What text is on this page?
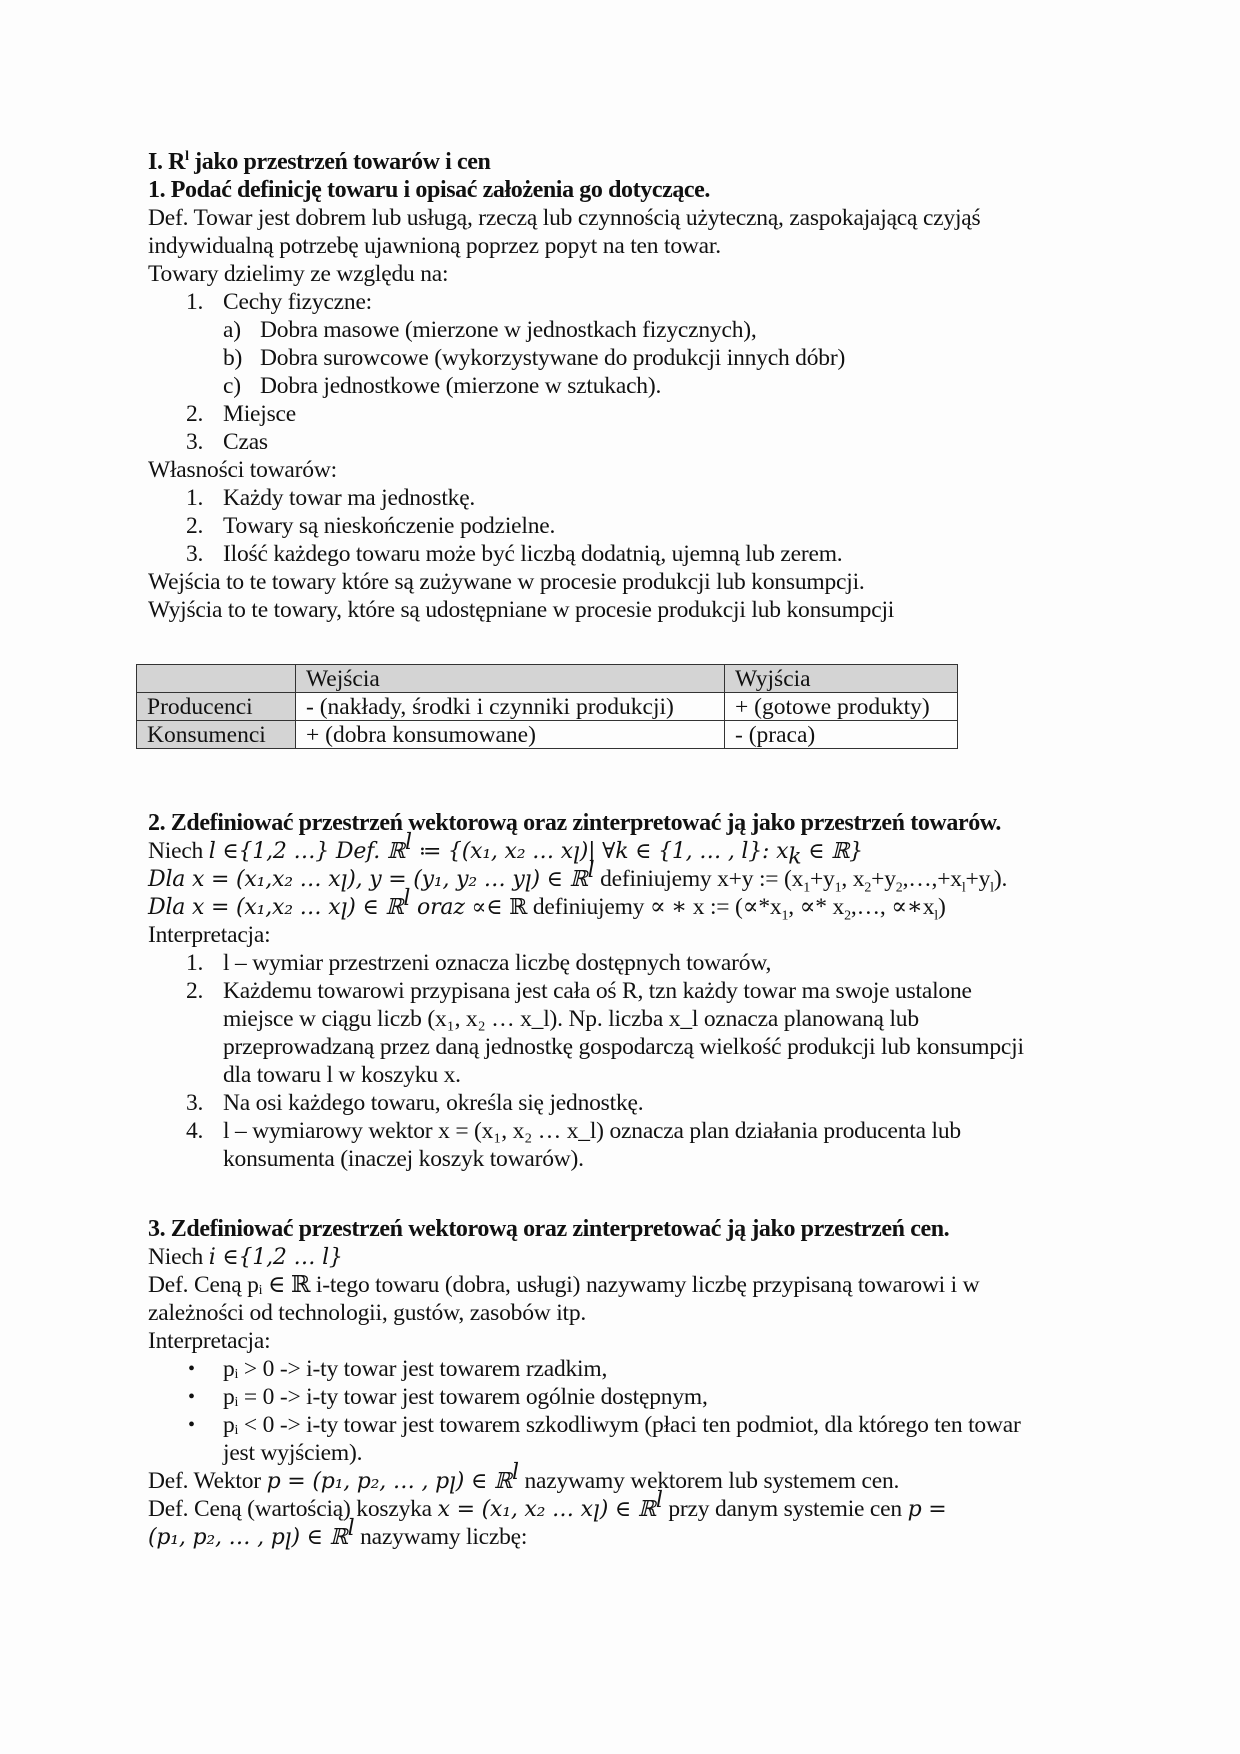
I. $R^l$ jako przestrzeń towarów i cen
1. Podać definicję towaru i opisać założenia go dotyczące.
Def. Towar jest dobrem lub usługą, rzeczą lub czynnością użyteczną, zaspokajającą czyjąś
indywidualną potrzebę ujawnioną poprzez popyt na ten towar.
Towary dzielimy ze względu na:
1. Cechy fizyczne:
a) Dobra masowe (mierzone w jednostkach fizycznych),
b) Dobra surowcowe (wykorzystywane do produkcji innych dóbr)
c) Dobra jednostkowe (mierzone w sztukach).
2. Miejsce
3. Czas
Własności towarów:
1. Każdy towar ma jednostkę.
2. Towary są nieskończenie podzielne.
3. Ilość każdego towaru może być liczbą dodatnią, ujemną lub zerem.
Wejścia to te towary które są zużywane w procesie produkcji lub konsumpcji.
Wyjścia to te towary, które są udostępniane w procesie produkcji lub konsumpcji
	Wejścia	Wyjścia
Producenci	- (nakłady, środki i czynniki produkcji)	+ (gotowe produkty)
Konsumenci	+ (dobra konsumowane)	- (praca)
2. Zdefiniować przestrzeń wektorową oraz zinterpretować ją jako przestrzeń towarów.
Niech l ∈{1,2 …} Def. ℝ$^l$ ≔ {(x₁, x₂ … $x_l)|$ ∀k ∈ {1, … , l}: $x_k$ ∈ ℝ}
Dla x = (x₁,x₂ … $x_l$), y = (y₁, y₂ … $y_l$) ∈ ℝ$^l$ definiujemy x+y := ($x_1+y_1$, $x_2+y_2,\dots,+x_l+y_l$).
Dla x = (x₁,x₂ … $x_l$) ∈ ℝ$^l$ oraz ∝∈ ℝ definiujemy ∝ ∗ x := ($\propto*x_1$, ∝* $x_2,\dots$, $\propto∗x_l$)
Interpretacja:
1. l – wymiar przestrzeni oznacza liczbę dostępnych towarów,
2. Każdemu towarowi przypisana jest cała oś R, tzn każdy towar ma swoje ustalone
miejsce w ciągu liczb (x₁, x₂ … x_l). Np. liczba x_l oznacza planowaną lub
przeprowadzaną przez daną jednostkę gospodarczą wielkość produkcji lub konsumpcji
dla towaru l w koszyku x.
3. Na osi każdego towaru, określa się jednostkę.
4. l – wymiarowy wektor x = (x₁, x₂ … x_l) oznacza plan działania producenta lub
konsumenta (inaczej koszyk towarów).
3. Zdefiniować przestrzeń wektorową oraz zinterpretować ją jako przestrzeń cen.
Niech i ∈{1,2 … l}
Def. Ceną pᵢ ∈ ℝ i-tego towaru (dobra, usługi) nazywamy liczbę przypisaną towarowi i w
zależności od technologii, gustów, zasobów itp.
Interpretacja:
• pᵢ > 0 -> i-ty towar jest towarem rzadkim,
• pᵢ = 0 -> i-ty towar jest towarem ogólnie dostępnym,
• pᵢ < 0 -> i-ty towar jest towarem szkodliwym (płaci ten podmiot, dla którego ten towar
jest wyjściem).
Def. Wektor p = (p₁, p₂, … , $p_l$) ∈ ℝ$^l$ nazywamy wektorem lub systemem cen.
Def. Ceną (wartością) koszyka x = (x₁, x₂ … $x_l$) ∈ ℝ$^l$ przy danym systemie cen p =
(p₁, p₂, … , $p_l$) ∈ ℝ$^l$ nazywamy liczbę:
